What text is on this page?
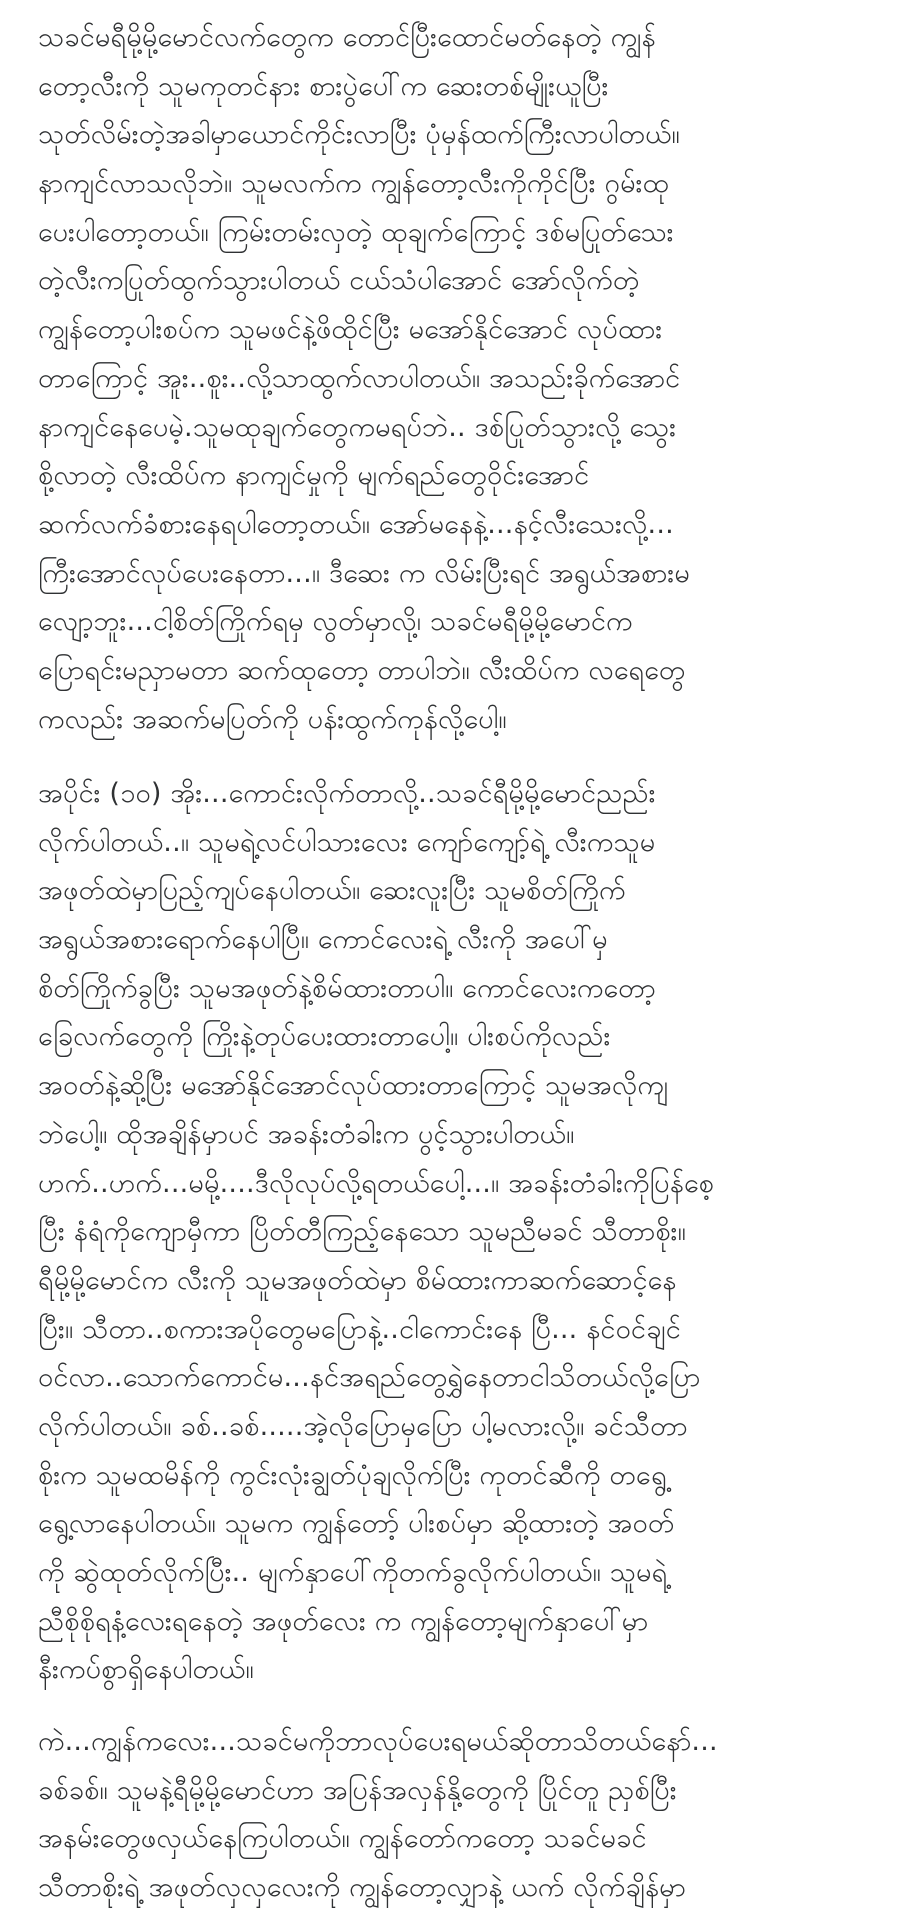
သခင်မရီမို့မို့မောင်လက်တွေက တောင်ပြီးထောင်မတ်နေတဲ့ ကျွန်
တော့လီးကို သူမကုတင်နား စားပွဲပေါ်က ဆေးတစ်မျိုးယူပြီး
သုတ်လိမ်းတဲ့အခါမှာယောင်ကိုင်းလာပြီး ပုံမှန်ထက်ကြီးလာပါတယ်။
နာကျင်လာသလိုဘဲ။ သူမလက်က ကျွန်တော့လီးကိုကိုင်ပြီး ဂွမ်းထု
ပေးပါတော့တယ်။ ကြမ်းတမ်းလှတဲ့ ထုချက်ကြောင့် ဒစ်မပြုတ်သေး
တဲ့လီးကပြုတ်ထွက်သွားပါတယ် ငယ်သံပါအောင် အော်လိုက်တဲ့
ကျွန်တော့ပါးစပ်က သူမဖင်နဲ့ဖိထိုင်ပြီး မအော်နိုင်အောင် လုပ်ထား
တာကြောင့် အူး..စူး..လို့သာထွက်လာပါတယ်။ အသည်းခိုက်အောင်
နာကျင်နေပေမဲ့.သူမထုချက်တွေကမရပ်ဘဲ.. ဒစ်ပြုတ်သွားလို့ သွေး
စို့လာတဲ့ လီးထိပ်က နာကျင်မှုကို မျက်ရည်တွေဝိုင်းအောင်
ဆက်လက်ခံစားနေရပါတော့တယ်။ အော်မနေနဲ့...နင့်လီးသေးလို့...
ကြီးအောင်လုပ်ပေးနေတာ...။ ဒီဆေး က လိမ်းပြီးရင် အရွယ်အစားမ
လျော့ဘူး...ငါ့စိတ်ကြိုက်ရမှ လွတ်မှာလို့၊ သခင်မရီမို့မို့မောင်က
ပြောရင်းမညှာမတာ ဆက်ထုတော့ တာပါဘဲ။ လီးထိပ်က လရေတွေ
ကလည်း အဆက်မပြတ်ကို ပန်းထွက်ကုန်လို့ပေါ့။
အပိုင်း (၁၀) အိုး...ကောင်းလိုက်တာလို့..သခင်ရီမို့မို့မောင်ညည်း
လိုက်ပါတယ်..။ သူမရဲ့လင်ပါသားလေး ကျော်ကျော့်ရဲ့ လီးကသူမ
အဖုတ်ထဲမှာပြည့်ကျပ်နေပါတယ်။ ဆေးလူးပြီး သူမစိတ်ကြိုက်
အရွယ်အစားရောက်နေပါပြီ။ ကောင်လေးရဲ့ လီးကို အပေါ်မှ
စိတ်ကြိုက်ခွပြီး သူမအဖုတ်နဲ့စိမ်ထားတာပါ။ ကောင်လေးကတော့
ခြေလက်တွေကို ကြိုးနဲ့တုပ်ပေးထားတာပေါ့။ ပါးစပ်ကိုလည်း
အဝတ်နဲ့ဆို့ပြီး မအော်နိုင်အောင်လုပ်ထားတာကြောင့် သူမအလိုကျ
ဘဲပေါ့။ ထိုအချိန်မှာပင် အခန်းတံခါးက ပွင့်သွားပါတယ်။
ဟက်..ဟက်...မမို့....ဒီလိုလုပ်လို့ရတယ်ပေါ့...။ အခန်းတံခါးကိုပြန်စေ့
ပြီး နံရံကိုကျောမှီကာ ပြိတ်တီကြည့်နေသော သူမညီမခင် သီတာစိုး။
ရီမို့မို့မောင်က လီးကို သူမအဖုတ်ထဲမှာ စိမ်ထားကာဆက်ဆောင့်နေ
ပြီး။ သီတာ..စကားအပိုတွေမပြောနဲ့..ငါကောင်းနေ ပြီ... နင်ဝင်ချင်
ဝင်လာ..သောက်ကောင်မ...နင်အရည်တွေရွှဲနေတာငါသိတယ်လို့ပြော
လိုက်ပါတယ်။ ခစ်..ခစ်.....အဲ့လိုပြောမှပြော ပါ့မလားလို့။ ခင်သီတာ
စိုးက သူမထမိန်ကို ကွင်းလုံးချွတ်ပုံချလိုက်ပြီး ကုတင်ဆီကို တရွေ့
ရွေ့လာနေပါတယ်။ သူမက ကျွန်တော့် ပါးစပ်မှာ ဆို့ထားတဲ့ အဝတ်
ကို ဆွဲထုတ်လိုက်ပြီး.. မျက်နှာပေါ်ကိုတက်ခွလိုက်ပါတယ်။ သူမရဲ့
ညီစိုစိုရနံ့လေးရနေတဲ့ အဖုတ်လေး က ကျွန်တော့မျက်နှာပေါ်မှာ
နီးကပ်စွာရှိနေပါတယ်။
ကဲ...ကျွန်ကလေး...သခင်မကိုဘာလုပ်ပေးရမယ်ဆိုတာသိတယ်နော်...
ခစ်ခစ်။ သူမနဲ့ရီမို့မို့မောင်ဟာ အပြန်အလှန်နို့တွေကို ပြိုင်တူ ညှစ်ပြီး
အနမ်းတွေဖလှယ်နေကြပါတယ်။ ကျွန်တော်ကတော့ သခင်မခင်
သီတာစိုးရဲ့ အဖုတ်လှလှလေးကို ကျွန်တော့လျှာနဲ့ ယက် လိုက်ချိန်မှာ
